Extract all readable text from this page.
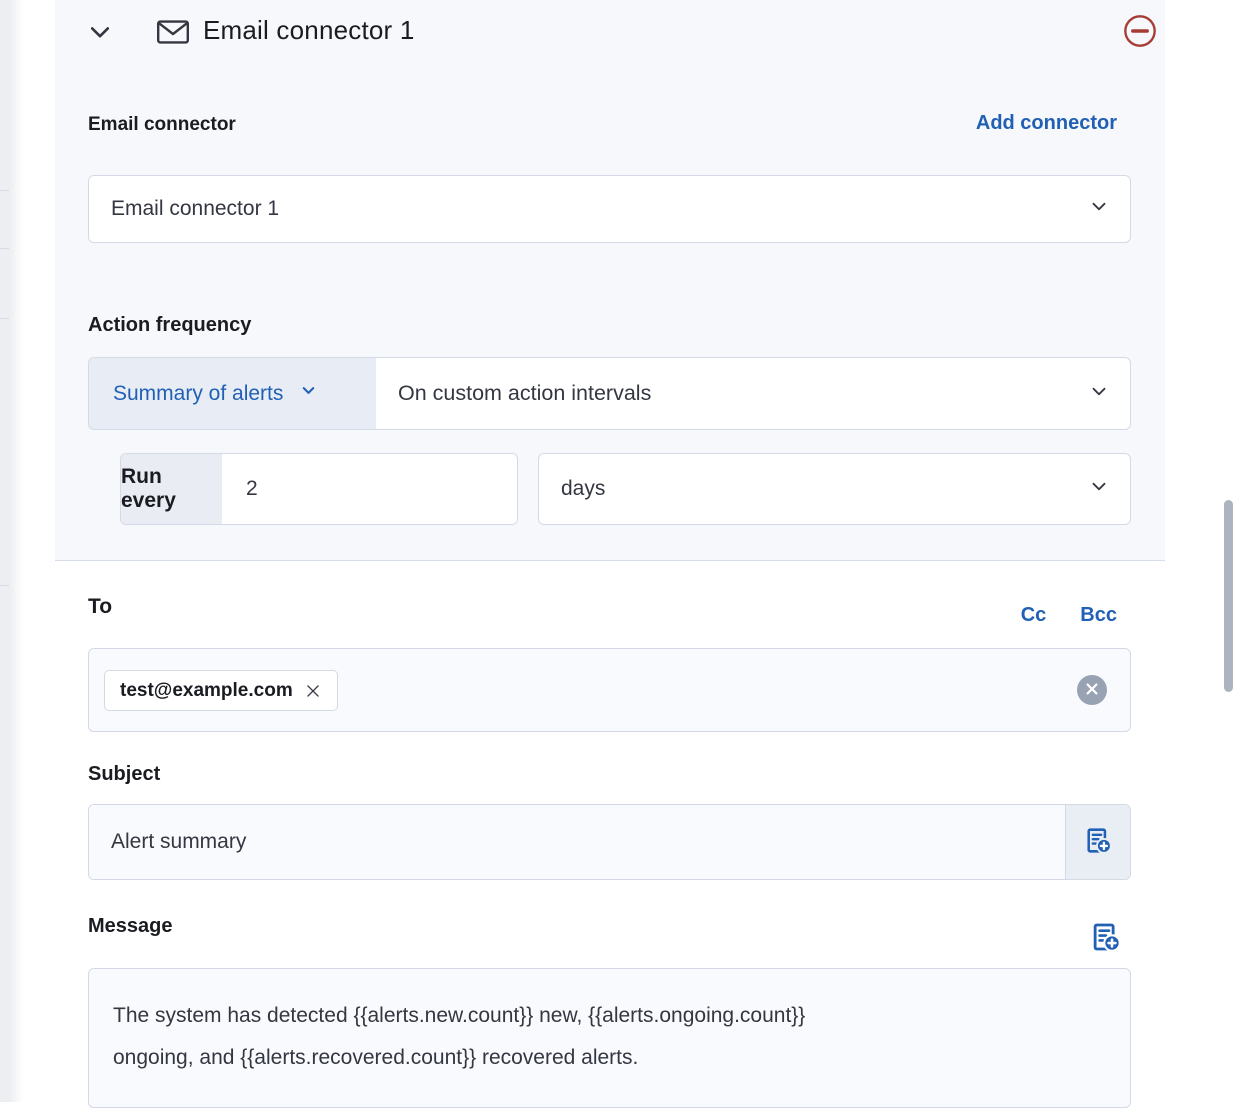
Email connector 1
Email connector	Add connector
Email connector 1
Action frequency
Summary of alerts	On custom action intervals
Run every
2
days
To	Cc Bcc
test@example.com
Subject
Alert summary
Message
The system has detected {{alerts.new.count}} new, {{alerts.ongoing.count}} ongoing, and {{alerts.recovered.count}} recovered alerts.
